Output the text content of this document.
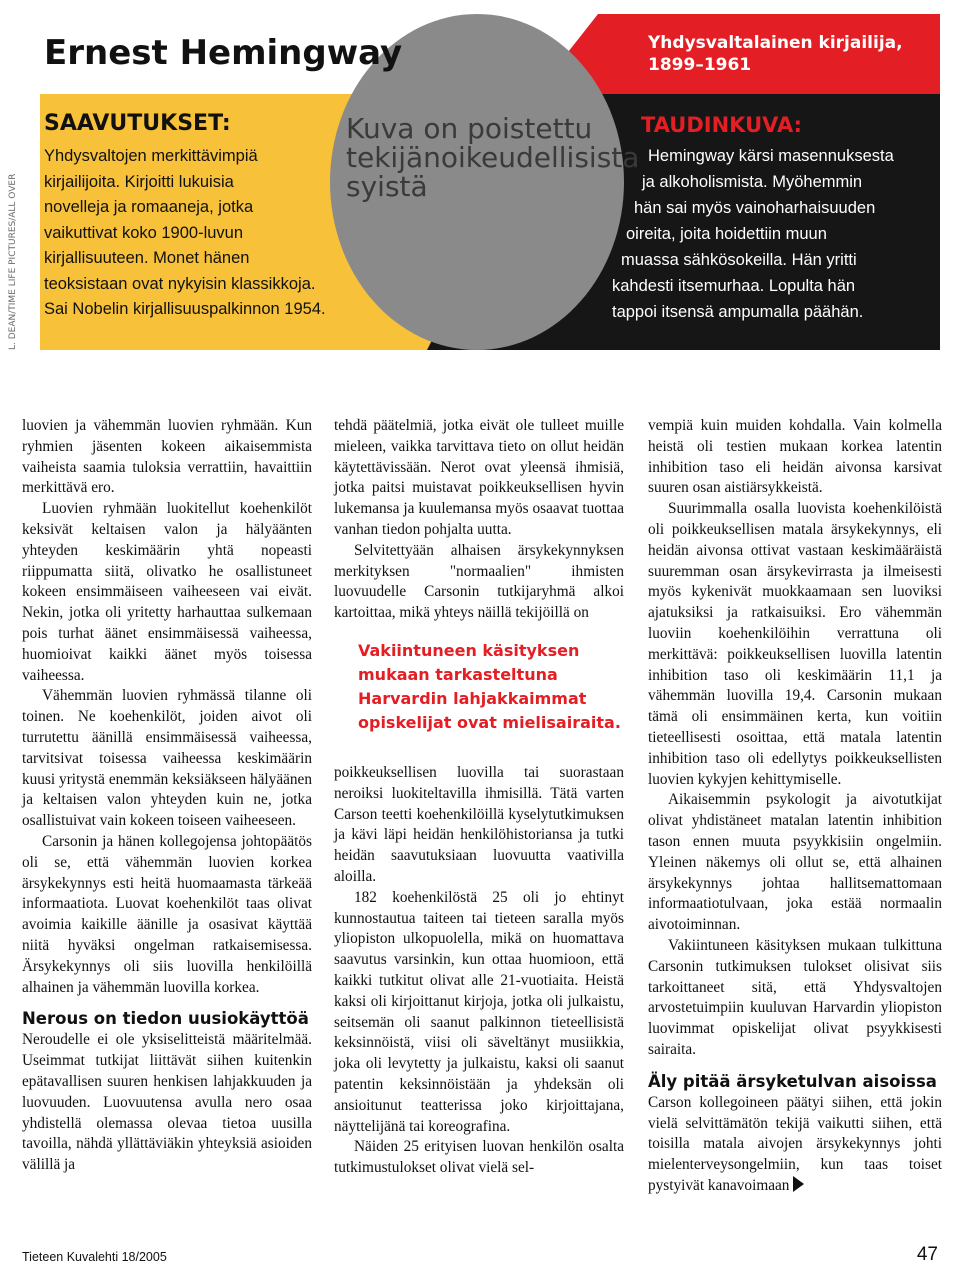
Kuva on poistettu
tekijänoikeudellisista
syistä
L. DEAN/TIME LIFE PICTURES/ALL OVER
Ernest Hemingway	Yhdysvaltalainen kirjailija, 1899–1961
SAAVUTUKSET:
Yhdysvaltojen merkittävimpiä
kirjailijoita. Kirjoitti lukuisia
novelleja ja romaaneja, jotka
vaikuttivat koko 1900-luvun
kirjallisuuteen. Monet hänen
teoksistaan ovat nykyisin klassikkoja.
Sai Nobelin kirjallisuuspalkinnon 1954.
TAUDINKUVA:
Hemingway kärsi masennuksesta
ja alkoholismista. Myöhemmin
hän sai myös vainoharhaisuuden
oireita, joita hoidettiin muun
muassa sähkösokeilla. Hän yritti
kahdesti itsemurhaa. Lopulta hän
tappoi itsensä ampumalla päähän.

luovien ja vähemmän luovien ryhmään. Kun ryhmien jäsenten kokeen aikaisemmista vaiheista saamia tuloksia verrattiin, havaittiin merkittävä ero.

Luovien ryhmään luokitellut koehenkilöt keksivät keltaisen valon ja hälyäänten yhteyden keskimäärin yhtä nopeasti riippumatta siitä, olivatko he osallistuneet kokeen ensimmäiseen vaiheeseen vai eivät. Nekin, jotka oli yritetty harhauttaa sulkemaan pois turhat äänet ensimmäisessä vaiheessa, huomioivat kaikki äänet myös toisessa vaiheessa.

Vähemmän luovien ryhmässä tilanne oli toinen. Ne koehenkilöt, joiden aivot oli turrutettu äänillä ensimmäisessä vaiheessa, tarvitsivat toisessa vaiheessa keskimäärin kuusi yritystä enemmän keksiäkseen hälyäänen ja keltaisen valon yhteyden kuin ne, jotka osallistuivat vain kokeen toiseen vaiheeseen.

Carsonin ja hänen kollegojensa johtopäätös oli se, että vähemmän luovien korkea ärsykekynnys esti heitä huomaamasta tärkeää informaatiota. Luovat koehenkilöt taas olivat avoimia kaikille äänille ja osasivat käyttää niitä hyväksi ongelman ratkaisemisessa. Ärsykekynnys oli siis luovilla henkilöillä alhainen ja vähemmän luovilla korkea.

Nerous on tiedon uusiokäyttöä

Neroudelle ei ole yksiselitteistä määritelmää. Useimmat tutkijat liittävät siihen kuitenkin epätavallisen suuren henkisen lahjakkuuden ja luovuuden. Luovuutensa avulla nero osaa yhdistellä olemassa olevaa tietoa uusilla tavoilla, nähdä yllättäviäkin yhteyksiä asioiden välillä ja

tehdä päätelmiä, jotka eivät ole tulleet muille mieleen, vaikka tarvittava tieto on ollut heidän käytettävissään. Nerot ovat yleensä ihmisiä, jotka paitsi muistavat poikkeuksellisen hyvin lukemansa ja kuulemansa myös osaavat tuottaa vanhan tiedon pohjalta uutta.

Selvitettyään alhaisen ärsykekynnyksen merkityksen "normaalien" ihmisten luovuudelle Carsonin tutkijaryhmä alkoi kartoittaa, mikä yhteys näillä tekijöillä on

Vakiintuneen käsityksen mukaan tarkasteltuna Harvardin lahjakkaimmat opiskelijat ovat mielisairaita.

poikkeuksellisen luovilla tai suorastaan neroiksi luokiteltavilla ihmisillä. Tätä varten Carson teetti koehenkilöillä kyselytutkimuksen ja kävi läpi heidän henkilöhistoriansa ja tutki heidän saavutuksiaan luovuutta vaativilla aloilla.

182 koehenkilöstä 25 oli jo ehtinyt kunnostautua taiteen tai tieteen saralla myös yliopiston ulkopuolella, mikä on huomattava saavutus varsinkin, kun ottaa huomioon, että kaikki tutkitut olivat alle 21-vuotiaita. Heistä kaksi oli kirjoittanut kirjoja, jotka oli julkaistu, seitsemän oli saanut palkinnon tieteellisistä keksinnöistä, viisi oli säveltänyt musiikkia, joka oli levytetty ja julkaistu, kaksi oli saanut patentin keksinnöistään ja yhdeksän oli ansioitunut teatterissa joko kirjoittajana, näyttelijänä tai koreografina.

Näiden 25 erityisen luovan henkilön osalta tutkimustulokset olivat vielä sel-

vempiä kuin muiden kohdalla. Vain kolmella heistä oli testien mukaan korkea latentin inhibition taso eli heidän aivonsa karsivat suuren osan aistiärsykkeistä.

Suurimmalla osalla luovista koehenkilöistä oli poikkeuksellisen matala ärsykekynnys, eli heidän aivonsa ottivat vastaan keskimääräistä suuremman osan ärsykevirrasta ja ilmeisesti myös kykenivät muokkaamaan sen luoviksi ajatuksiksi ja ratkaisuiksi. Ero vähemmän luoviin koehenkilöihin verrattuna oli merkittävä: poikkeuksellisen luovilla latentin inhibition taso oli keskimäärin 11,1 ja vähemmän luovilla 19,4. Carsonin mukaan tämä oli ensimmäinen kerta, kun voitiin tieteellisesti osoittaa, että matala latentin inhibition taso oli edellytys poikkeuksellisten luovien kykyjen kehittymiselle.

Aikaisemmin psykologit ja aivotutkijat olivat yhdistäneet matalan latentin inhibition tason ennen muuta psyykkisiin ongelmiin. Yleinen näkemys oli ollut se, että alhainen ärsykekynnys johtaa hallitsemattomaan informaatiotulvaan, joka estää normaalin aivotoiminnan.

Vakiintuneen käsityksen mukaan tulkittuna Carsonin tutkimuksen tulokset olisivat siis tarkoittaneet sitä, että Yhdysvaltojen arvostetuimpiin kuuluvan Harvardin yliopiston luovimmat opiskelijat olivat psyykkisesti sairaita.

Äly pitää ärsyketulvan aisoissa

Carson kollegoineen päätyi siihen, että jokin vielä selvittämätön tekijä vaikutti siihen, että toisilla matala aivojen ärsykekynnys johti mielenterveysongelmiin, kun taas toiset pystyivät kanavoimaan

Tieteen Kuvalehti 18/2005	47
